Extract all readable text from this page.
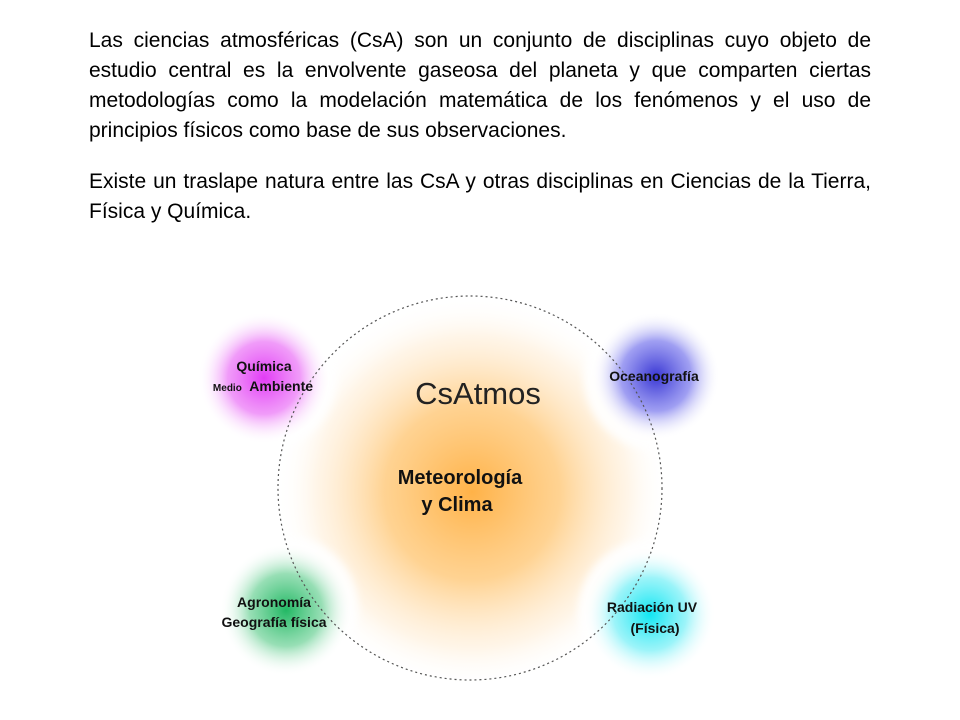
Las ciencias atmosféricas (CsA) son un conjunto de disciplinas cuyo objeto de estudio central es la envolvente gaseosa del planeta y que comparten ciertas metodologías como la modelación matemática de los fenómenos y el uso de principios físicos como base de sus observaciones.

Existe un traslape natura entre las CsA y otras disciplinas en Ciencias de la Tierra, Física y Química.

CsAtmos
Meteorología
y Clima
Química
Medio Ambiente
Oceanografía
Agronomía
Geografía física
Radiación UV
(Física)
